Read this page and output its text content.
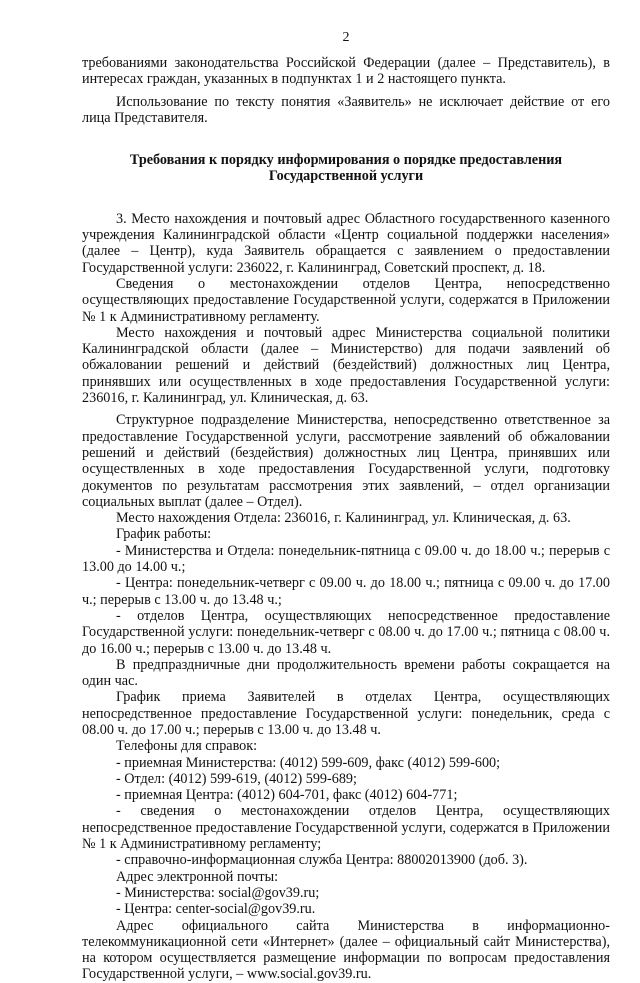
2

требованиями законодательства Российской Федерации (далее – Представитель), в интересах граждан, указанных в подпунктах 1 и 2 настоящего пункта.

Использование по тексту понятия «Заявитель» не исключает действие от его лица Представителя.

Требования к порядку информирования о порядке предоставления
Государственной услуги

3. Место нахождения и почтовый адрес Областного государственного казенного учреждения Калининградской области «Центр социальной поддержки населения» (далее – Центр), куда Заявитель обращается с заявлением о предоставлении Государственной услуги: 236022, г. Калининград, Советский проспект, д. 18.

Сведения о местонахождении отделов Центра, непосредственно осуществляющих предоставление Государственной услуги, содержатся в Приложении № 1 к Административному регламенту.

Место нахождения и почтовый адрес Министерства социальной политики Калининградской области (далее – Министерство) для подачи заявлений об обжаловании решений и действий (бездействий) должностных лиц Центра, принявших или осуществленных в ходе предоставления Государственной услуги: 236016, г. Калининград, ул. Клиническая, д. 63.

Структурное подразделение Министерства, непосредственно ответственное за предоставление Государственной услуги, рассмотрение заявлений об обжаловании решений и действий (бездействия) должностных лиц Центра, принявших или осуществленных в ходе предоставления Государственной услуги, подготовку документов по результатам рассмотрения этих заявлений, – отдел организации социальных выплат (далее – Отдел).

Место нахождения Отдела: 236016, г. Калининград, ул. Клиническая, д. 63.

График работы:

- Министерства и Отдела: понедельник-пятница с 09.00 ч. до 18.00 ч.; перерыв с 13.00 до 14.00 ч.;

- Центра: понедельник-четверг с 09.00 ч. до 18.00 ч.; пятница с 09.00 ч. до 17.00 ч.; перерыв с 13.00 ч. до 13.48 ч.;

- отделов Центра, осуществляющих непосредственное предоставление Государственной услуги: понедельник-четверг с 08.00 ч. до 17.00 ч.; пятница с 08.00 ч. до 16.00 ч.; перерыв с 13.00 ч. до 13.48 ч.

В предпраздничные дни продолжительность времени работы сокращается на один час.

График приема Заявителей в отделах Центра, осуществляющих непосредственное предоставление Государственной услуги: понедельник, среда с 08.00 ч. до 17.00 ч.; перерыв с 13.00 ч. до 13.48 ч.

Телефоны для справок:

- приемная Министерства: (4012) 599-609, факс (4012) 599-600;

- Отдел: (4012) 599-619, (4012) 599-689;

- приемная Центра: (4012) 604-701, факс (4012) 604-771;

- сведения о местонахождении отделов Центра, осуществляющих непосредственное предоставление Государственной услуги, содержатся в Приложении № 1 к Административному регламенту;

- справочно-информационная служба Центра: 88002013900 (доб. 3).

Адрес электронной почты:

- Министерства: social@gov39.ru;

- Центра: center-social@gov39.ru.

Адрес официального сайта Министерства в информационно-телекоммуникационной сети «Интернет» (далее – официальный сайт Министерства), на котором осуществляется размещение информации по вопросам предоставления Государственной услуги, – www.social.gov39.ru.
